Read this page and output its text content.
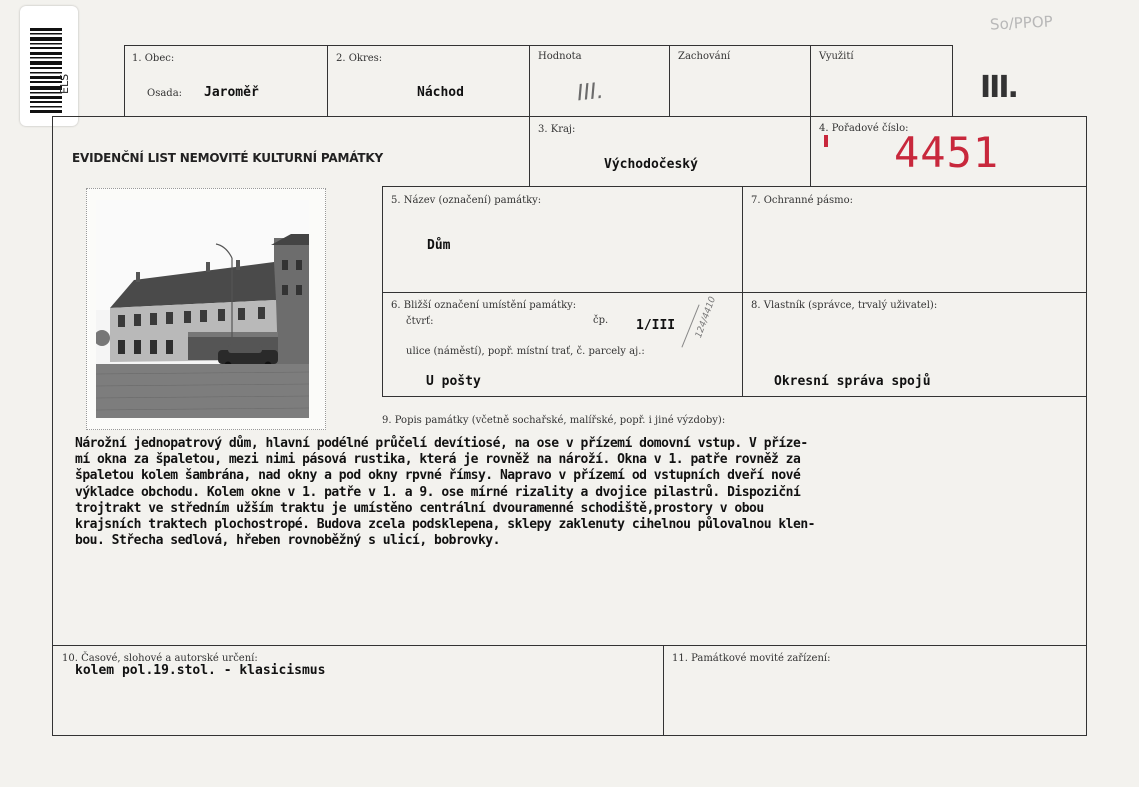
So/PPOP
ELS
1. Obec:
Osada: Jaroměř
2. Okres:
Náchod
Hodnota
III.
Zachování	Využití
III.
EVIDENČNÍ LIST NEMOVITÉ KULTURNÍ PAMÁTKY
3. Kraj:
Východočeský
4. Pořadové číslo:
4451
5. Název (označení) památky:
Dům
7. Ochranné pásmo:
6. Bližší označení umístění památky:
čtvrť:	čp. 1/III
ulice (náměstí), popř. místní trať, č. parcely aj.:
U pošty
124/4410	8. Vlastník (správce, trvalý uživatel):
Okresní správa spojů
9. Popis památky (včetně sochařské, malířské, popř. i jiné výzdoby):
Nárožní jednopatrový dům, hlavní podélné průčelí devítiosé, na ose v přízemí domovní vstup. V příze-
mí okna za špaletou, mezi nimi pásová rustika, která je rovněž na nároží. Okna v 1. patře rovněž za
špaletou kolem šambrána, nad okny a pod okny rpvné římsy. Napravo v přízemí od vstupních dveří nové
výkladce obchodu. Kolem okne v 1. patře v 1. a 9. ose mírné rizality a dvojice pilastrů. Dispoziční
trojtrakt ve středním užším traktu je umístěno centrální dvouramenné schodiště,prostory v obou
krajsních traktech plochostropé. Budova zcela podsklepena, sklepy zaklenuty cihelnou půlovalnou klen-
bou. Střecha sedlová, hřeben rovnoběžný s ulicí, bobrovky.
10. Časové, slohové a autorské určení:
kolem pol.19.stol. - klasicismus
11. Památkové movité zařízení:
